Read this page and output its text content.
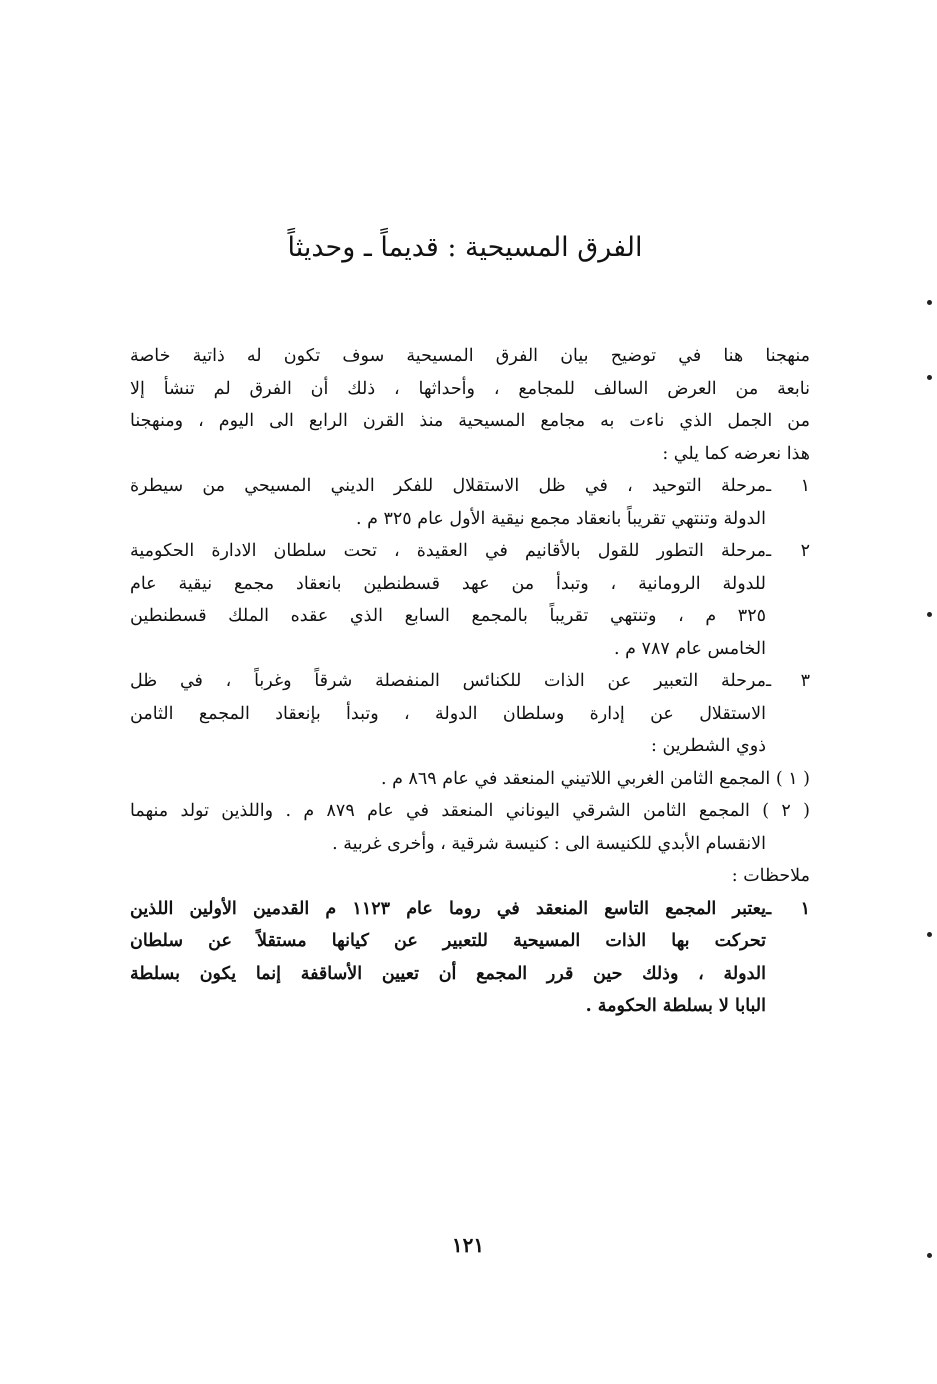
الفرق المسيحية : قديماً ـ وحديثاً
منهجنا هنا في توضيح بيان الفرق المسيحية سوف تكون له ذاتية خاصة
نابعة من العرض السالف للمجامع ، وأحداثها ، ذلك أن الفرق لم تنشأ إلا
من الجمل الذي ناءت به مجامع المسيحية منذ القرن الرابع الى اليوم ، ومنهجنا
هذا نعرضه كما يلي :
١ ـمرحلة التوحيد ، في ظل الاستقلال للفكر الديني المسيحي من سيطرة
الدولة وتنتهي تقريباً بانعقاد مجمع نيقية الأول عام ٣٢٥ م .
٢ ـمرحلة التطور للقول بالأقانيم في العقيدة ، تحت سلطان الادارة الحكومية
للدولة الرومانية ، وتبدأ من عهد قسطنطين بانعقاد مجمع نيقية عام
٣٢٥ م ، وتنتهي تقريباً بالمجمع السابع الذي عقده الملك قسطنطين
الخامس عام ٧٨٧ م .
٣ ـمرحلة التعبير عن الذات للكنائس المنفصلة شرقاً وغرباً ، في ظل
الاستقلال عن إدارة وسلطان الدولة ، وتبدأ بإنعقاد المجمع الثامن
ذوي الشطرين :
( ١ ) المجمع الثامن الغربي اللاتيني المنعقد في عام ٨٦٩ م .
( ٢ ) المجمع الثامن الشرقي اليوناني المنعقد في عام ٨٧٩ م . واللذين تولد منهما
الانقسام الأبدي للكنيسة الى : كنيسة شرقية ، وأخرى غربية .
ملاحظات :
١ ـيعتبر المجمع التاسع المنعقد في روما عام ١١٢٣ م القدمين الأولين اللذين
تحركت بها الذات المسيحية للتعبير عن كيانها مستقلاً عن سلطان
الدولة ، وذلك حين قرر المجمع أن تعيين الأساقفة إنما يكون بسلطة
البابا لا بسلطة الحكومة .
١٢١
